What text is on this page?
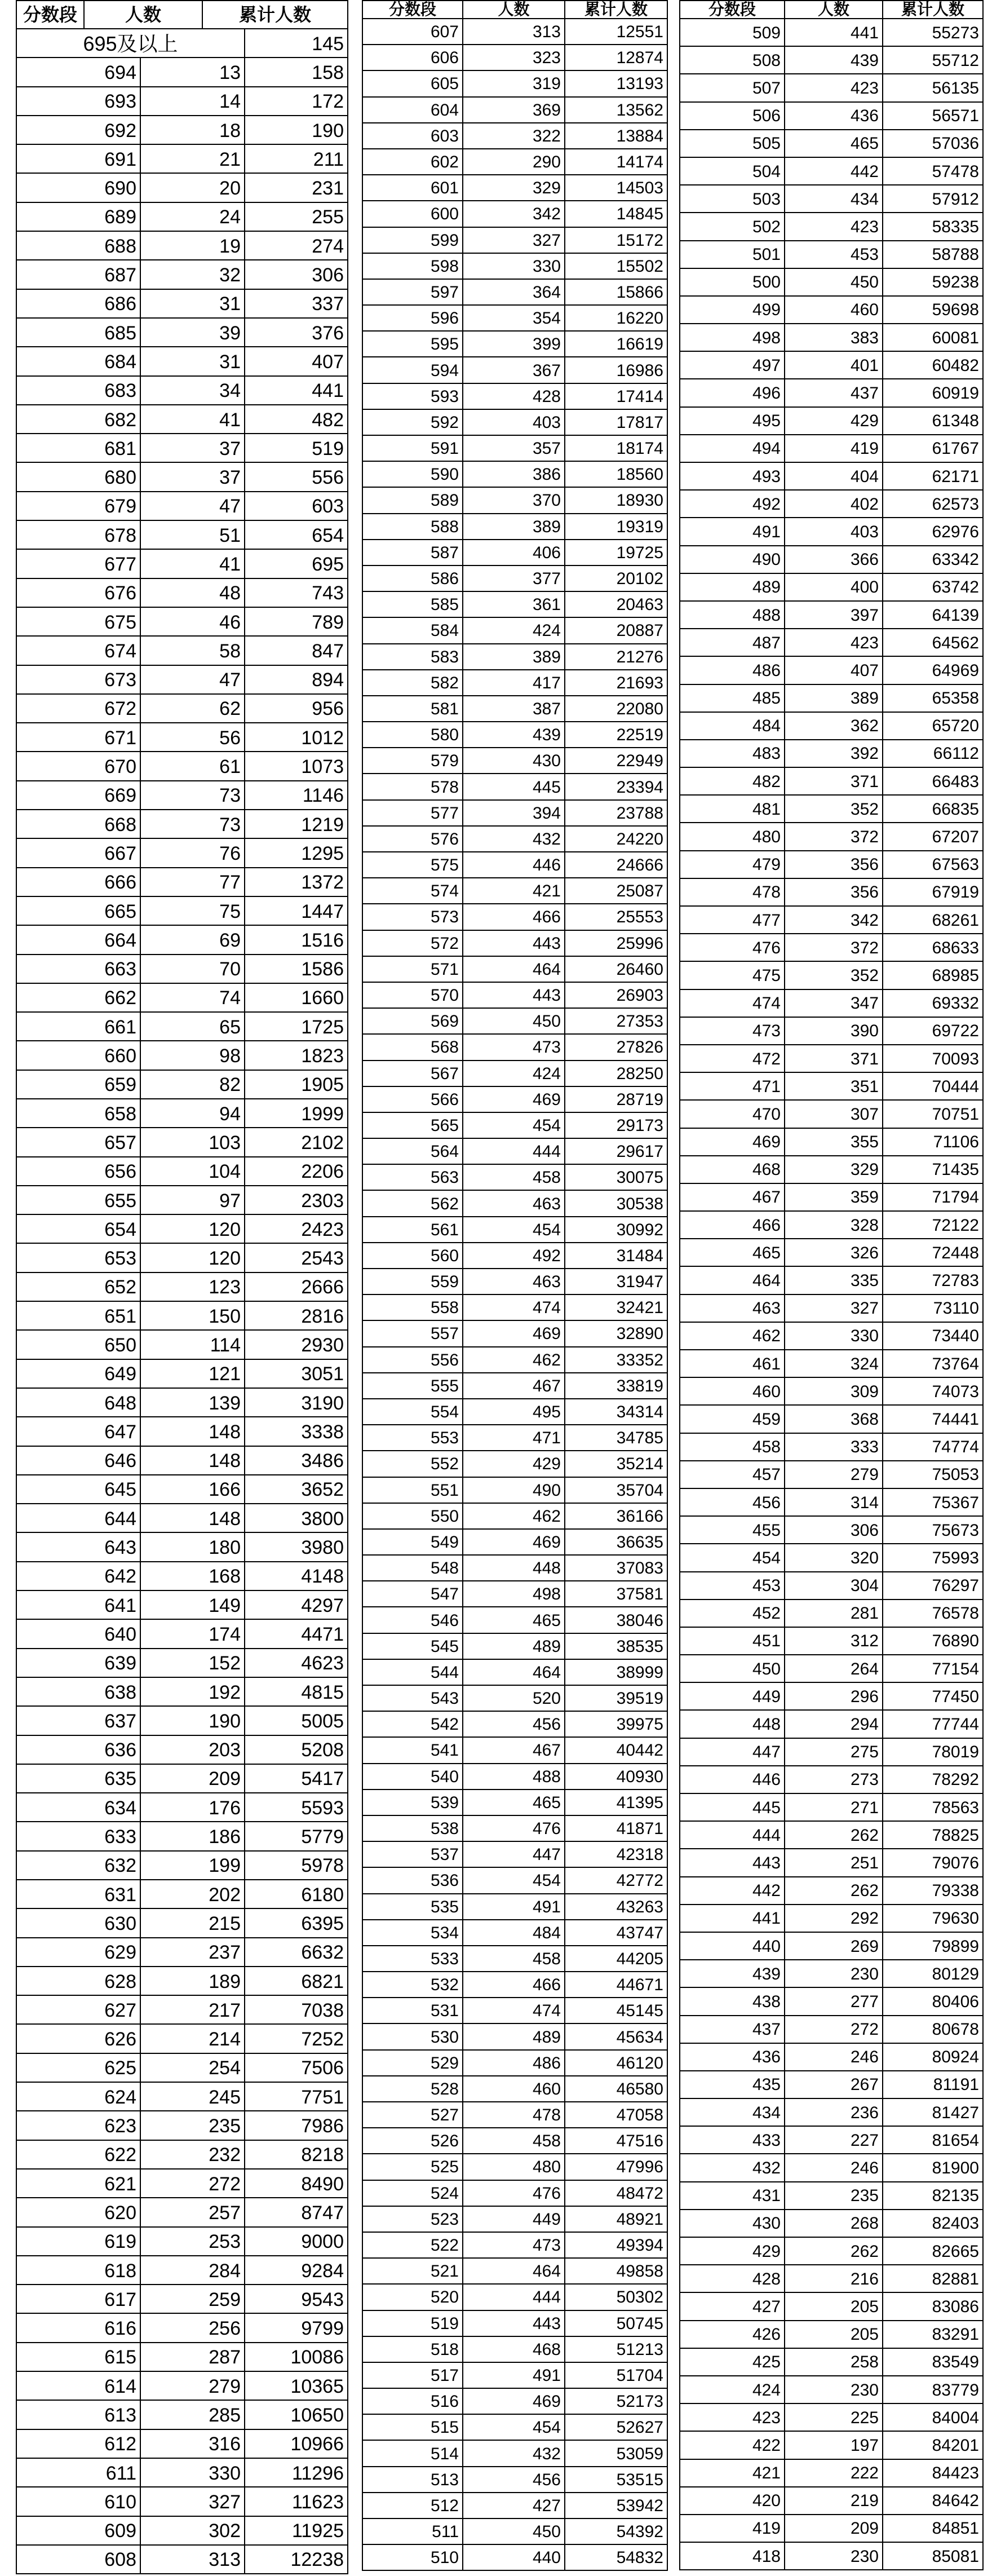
分数段	人数	累计人数
695及以上	145
694	13	158
693	14	172
692	18	190
691	21	211
690	20	231
689	24	255
688	19	274
687	32	306
686	31	337
685	39	376
684	31	407
683	34	441
682	41	482
681	37	519
680	37	556
679	47	603
678	51	654
677	41	695
676	48	743
675	46	789
674	58	847
673	47	894
672	62	956
671	56	1012
670	61	1073
669	73	1146
668	73	1219
667	76	1295
666	77	1372
665	75	1447
664	69	1516
663	70	1586
662	74	1660
661	65	1725
660	98	1823
659	82	1905
658	94	1999
657	103	2102
656	104	2206
655	97	2303
654	120	2423
653	120	2543
652	123	2666
651	150	2816
650	114	2930
649	121	3051
648	139	3190
647	148	3338
646	148	3486
645	166	3652
644	148	3800
643	180	3980
642	168	4148
641	149	4297
640	174	4471
639	152	4623
638	192	4815
637	190	5005
636	203	5208
635	209	5417
634	176	5593
633	186	5779
632	199	5978
631	202	6180
630	215	6395
629	237	6632
628	189	6821
627	217	7038
626	214	7252
625	254	7506
624	245	7751
623	235	7986
622	232	8218
621	272	8490
620	257	8747
619	253	9000
618	284	9284
617	259	9543
616	256	9799
615	287	10086
614	279	10365
613	285	10650
612	316	10966
611	330	11296
610	327	11623
609	302	11925
608	313	12238
分数段	人数	累计人数
607	313	12551
606	323	12874
605	319	13193
604	369	13562
603	322	13884
602	290	14174
601	329	14503
600	342	14845
599	327	15172
598	330	15502
597	364	15866
596	354	16220
595	399	16619
594	367	16986
593	428	17414
592	403	17817
591	357	18174
590	386	18560
589	370	18930
588	389	19319
587	406	19725
586	377	20102
585	361	20463
584	424	20887
583	389	21276
582	417	21693
581	387	22080
580	439	22519
579	430	22949
578	445	23394
577	394	23788
576	432	24220
575	446	24666
574	421	25087
573	466	25553
572	443	25996
571	464	26460
570	443	26903
569	450	27353
568	473	27826
567	424	28250
566	469	28719
565	454	29173
564	444	29617
563	458	30075
562	463	30538
561	454	30992
560	492	31484
559	463	31947
558	474	32421
557	469	32890
556	462	33352
555	467	33819
554	495	34314
553	471	34785
552	429	35214
551	490	35704
550	462	36166
549	469	36635
548	448	37083
547	498	37581
546	465	38046
545	489	38535
544	464	38999
543	520	39519
542	456	39975
541	467	40442
540	488	40930
539	465	41395
538	476	41871
537	447	42318
536	454	42772
535	491	43263
534	484	43747
533	458	44205
532	466	44671
531	474	45145
530	489	45634
529	486	46120
528	460	46580
527	478	47058
526	458	47516
525	480	47996
524	476	48472
523	449	48921
522	473	49394
521	464	49858
520	444	50302
519	443	50745
518	468	51213
517	491	51704
516	469	52173
515	454	52627
514	432	53059
513	456	53515
512	427	53942
511	450	54392
510	440	54832
分数段	人数	累计人数
509	441	55273
508	439	55712
507	423	56135
506	436	56571
505	465	57036
504	442	57478
503	434	57912
502	423	58335
501	453	58788
500	450	59238
499	460	59698
498	383	60081
497	401	60482
496	437	60919
495	429	61348
494	419	61767
493	404	62171
492	402	62573
491	403	62976
490	366	63342
489	400	63742
488	397	64139
487	423	64562
486	407	64969
485	389	65358
484	362	65720
483	392	66112
482	371	66483
481	352	66835
480	372	67207
479	356	67563
478	356	67919
477	342	68261
476	372	68633
475	352	68985
474	347	69332
473	390	69722
472	371	70093
471	351	70444
470	307	70751
469	355	71106
468	329	71435
467	359	71794
466	328	72122
465	326	72448
464	335	72783
463	327	73110
462	330	73440
461	324	73764
460	309	74073
459	368	74441
458	333	74774
457	279	75053
456	314	75367
455	306	75673
454	320	75993
453	304	76297
452	281	76578
451	312	76890
450	264	77154
449	296	77450
448	294	77744
447	275	78019
446	273	78292
445	271	78563
444	262	78825
443	251	79076
442	262	79338
441	292	79630
440	269	79899
439	230	80129
438	277	80406
437	272	80678
436	246	80924
435	267	81191
434	236	81427
433	227	81654
432	246	81900
431	235	82135
430	268	82403
429	262	82665
428	216	82881
427	205	83086
426	205	83291
425	258	83549
424	230	83779
423	225	84004
422	197	84201
421	222	84423
420	219	84642
419	209	84851
418	230	85081
